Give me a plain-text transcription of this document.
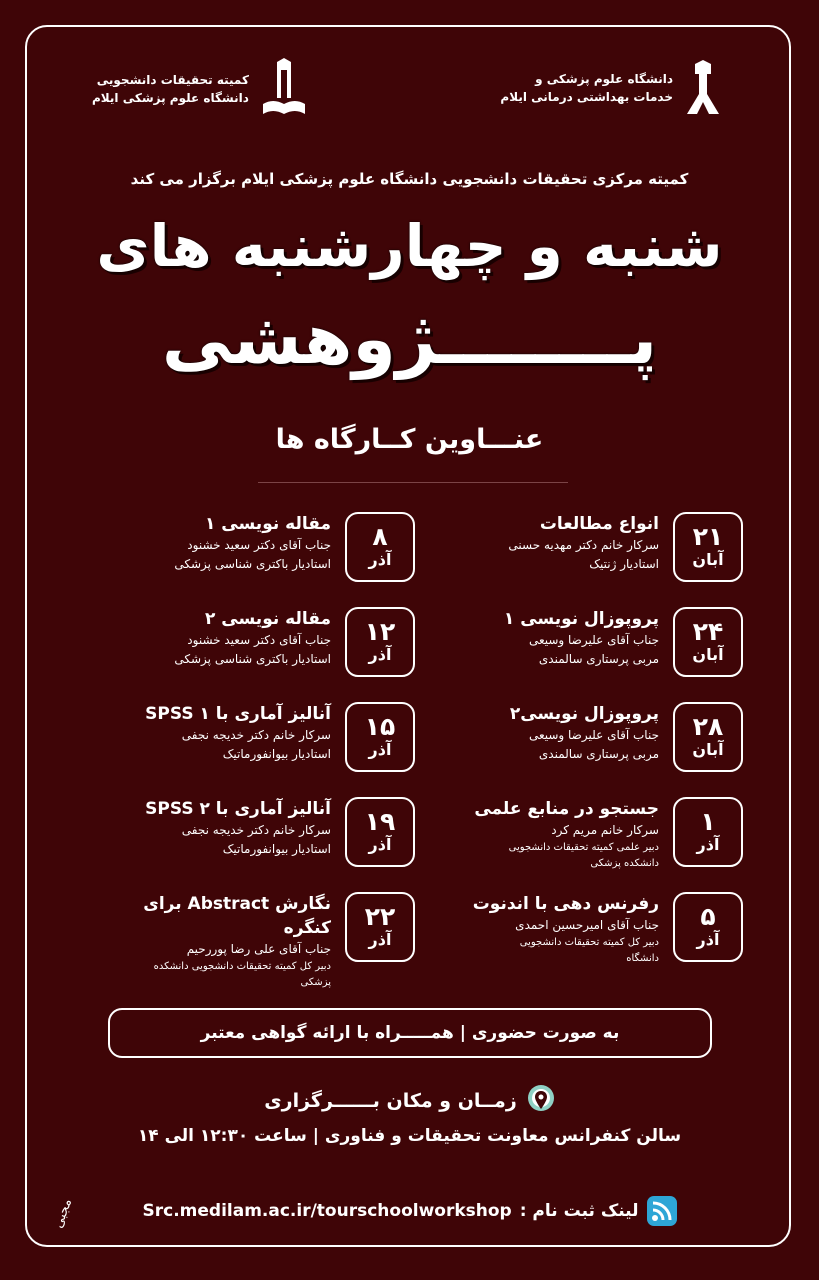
کمیته تحقیقات دانشجویی
دانشگاه علوم پزشکی ایلام
دانشگاه علوم پزشکی و
خدمات بهداشتی درمانی ایلام
کمیته مرکزی تحقیقات دانشجویی دانشگاه علوم پزشکی ایلام برگزار می کند
شنبه و چهارشنبه های
پــــــــژوهشی
عنـــاوین کــارگاه ها
۲۱
آبان
انواع مطالعات
سرکار خانم دکتر مهدیه حسنی
استادیار ژنتیک
۸
آذر
مقاله نویسی ۱
جناب آقای دکتر سعید خشنود
استادیار باکتری شناسی پزشکی
۲۴
آبان
پروپوزال نویسی ۱
جناب آقای علیرضا وسیعی
مربی پرستاری سالمندی
۱۲
آذر
مقاله نویسی ۲
جناب آقای دکتر سعید خشنود
استادیار باکتری شناسی پزشکی
۲۸
آبان
پروپوزال نویسی۲
جناب آقای علیرضا وسیعی
مربی پرستاری سالمندی
۱۵
آذر
آنالیز آماری با SPSS ۱
سرکار خانم دکتر خدیجه نجفی
استادیار بیوانفورماتیک
۱
آذر
جستجو در منابع علمی
سرکار خانم مریم کرد
دبیر علمی کمیته تحقیقات دانشجویی
دانشکده پزشکی
۱۹
آذر
آنالیز آماری با SPSS ۲
سرکار خانم دکتر خدیجه نجفی
استادیار بیوانفورماتیک
۵
آذر
رفرنس دهی با اندنوت
جناب آقای امیرحسین احمدی
دبیر کل کمیته تحقیقات دانشجویی
دانشگاه
۲۲
آذر
نگارش Abstract برای کنگره
جناب آقای علی رضا پوررحیم
دبیر کل کمیته تحقیقات دانشجویی دانشکده
پزشکی
به صورت حضوری | همـــــراه با ارائه گواهی معتبر
زمــان و مکان بــــــرگزاری
سالن کنفرانس معاونت تحقیقات و فناوری | ساعت ۱۲:۳۰ الی ۱۴
لینک ثبت نام :
Src.medilam.ac.ir/tourschoolworkshop
مجبی
